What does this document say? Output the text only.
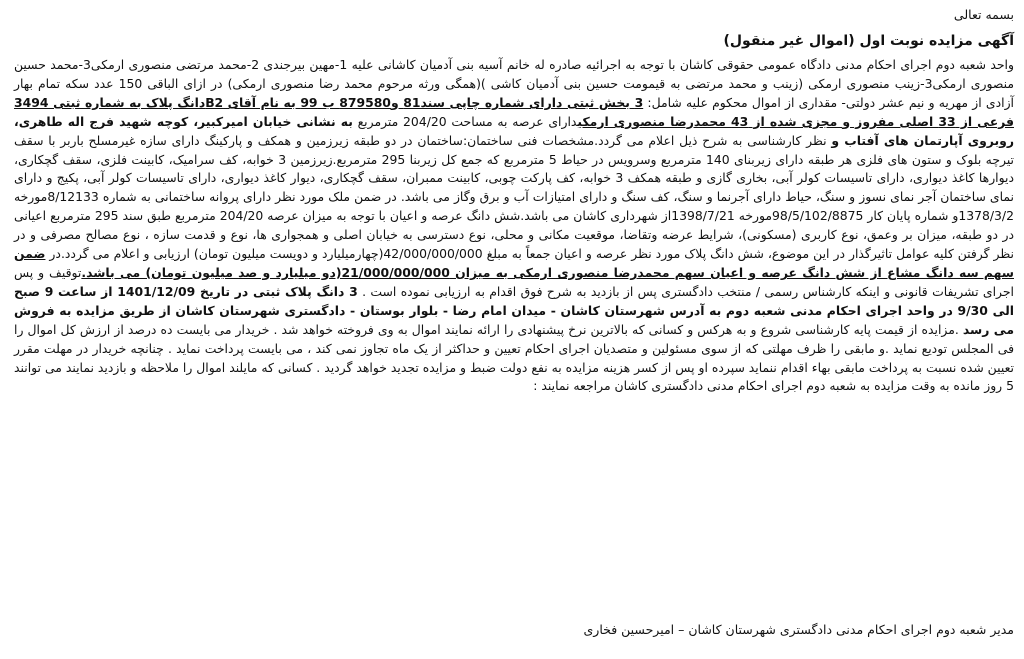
بسمه تعالی
آگهی مزایده نوبت اول (اموال غیر منقول)

واحد شعبه دوم اجرای احکام مدنی دادگاه عمومی حقوقی کاشان با توجه به اجرائیه صادره له خانم آسیه بنی آدمیان کاشانی علیه 1-مهین بیرجندی 2-محمد مرتضی منصوری ارمکی3-محمد حسین منصوری ارمکی3-زینب منصوری ارمکی (زینب و محمد مرتضی به قیمومت حسین بنی آدمیان کاشی )(همگی ورثه مرحوم محمد رضا منصوری ارمکی) در ازای الباقی 150 عدد سکه تمام بهار آزادی از مهریه و نیم عشر دولتی- مقداری از اموال محکوم علیه شامل: 3 بخش ثبتی دارای شماره چاپی سند81 و879580 ب 99 به نام آقای B2دانگ پلاک به شماره ثبتی 3494 فرعی از 33 اصلی مفروز و مجزی شده از 43 محمدرضا منصوری ارمکیدارای عرصه به مساحت 204/20 مترمربع به نشانی خیابان امیرکبیر، کوچه شهید فرج اله طاهری، روبروی آپارتمان های آفتاب و نظر کارشناسی به شرح ذیل اعلام می گردد.مشخصات فنی ساختمان:ساختمان در دو طبقه زیرزمین و همکف و پارکینگ دارای سازه غیرمسلح باربر با سقف تیرچه بلوک و ستون های فلزی هر طبقه دارای زیربنای 140 مترمربع وسرویس در حیاط 5 مترمربع که جمع کل زیربنا 295 مترمربع.زیرزمین 3 خوابه، کف سرامیک، کابینت فلزی، سقف گچکاری، دیوارها کاغذ دیواری، دارای تاسیسات کولر آبی، بخاری گازی و طبقه همکف 3 خوابه، کف پارکت چوبی، کابینت ممبران، سقف گچکاری، دیوار کاغذ دیواری، دارای تاسیسات کولر آبی، پکیج و دارای نمای ساختمان آجر نمای نسوز و سنگ، حیاط دارای آجرنما و سنگ، کف سنگ و دارای امتیازات آب و برق وگاز می باشد. در ضمن ملک مورد نظر دارای پروانه ساختمانی به شماره 8/12133مورخه 1378/3/2و شماره پایان کار 98/5/102/8875مورخه 1398/7/21از شهرداری کاشان می باشد.شش دانگ عرصه و اعیان با توجه به میزان عرصه 204/20 مترمربع طبق سند 295 مترمربع اعیانی در دو طبقه، میزان بر وعمق، نوع کاربری (مسکونی)، شرایط عرضه وتقاضا، موقعیت مکانی و محلی، نوع دسترسی به خیابان اصلی و همجواری ها، نوع و قدمت سازه ، نوع مصالح مصرفی و در نظر گرفتن کلیه عوامل تاثیرگذار در این موضوع، شش دانگ پلاک مورد نظر عرصه و اعیان جمعاً به مبلغ 42/000/000/000(چهارمیلیارد و دویست میلیون تومان) ارزیابی و اعلام می گردد.در ضمن سهم سه دانگ مشاع از شش دانگ عرصه و اعیان سهم محمدرضا منصوری ارمکی به میزان 21/000/000/000(دو میلیارد و صد میلیون تومان) می باشد.توقیف و پس اجرای تشریفات قانونی و اینکه کارشناس رسمی / منتخب دادگستری پس از بازدید به شرح فوق اقدام به ارزیابی نموده است . 3 دانگ پلاک ثبتی در تاریخ 1401/12/09 از ساعت 9 صبح الی 9/30 در واحد اجرای احکام مدنی شعبه دوم به آدرس شهرستان کاشان - میدان امام رضا - بلوار بوستان - دادگستری شهرستان کاشان از طریق مزایده به فروش می رسد .مزایده از قیمت پایه کارشناسی شروع و به هرکس و کسانی که بالاترین نرخ پیشنهادی را ارائه نمایند اموال به وی فروخته خواهد شد . خریدار می بایست ده درصد از ارزش کل اموال را فی المجلس تودیع نماید .و مابقی را ظرف مهلتی که از سوی مسئولین و متصدیان اجرای احکام تعیین و حداکثر از یک ماه تجاوز نمی کند ، می بایست پرداخت نماید . چنانچه خریدار در مهلت مقرر تعیین شده نسبت به پرداخت مابقی بهاء اقدام ننماید سپرده او پس از کسر هزینه مزایده به نفع دولت ضبط و مزایده تجدید خواهد گردید . کسانی که مایلند اموال را ملاحظه و بازدید نمایند می توانند 5 روز مانده به وقت مزایده به شعبه دوم اجرای احکام مدنی دادگستری کاشان مراجعه نمایند :

مدیر شعبه دوم اجرای احکام مدنی دادگستری شهرستان کاشان – امیرحسین فخاری
